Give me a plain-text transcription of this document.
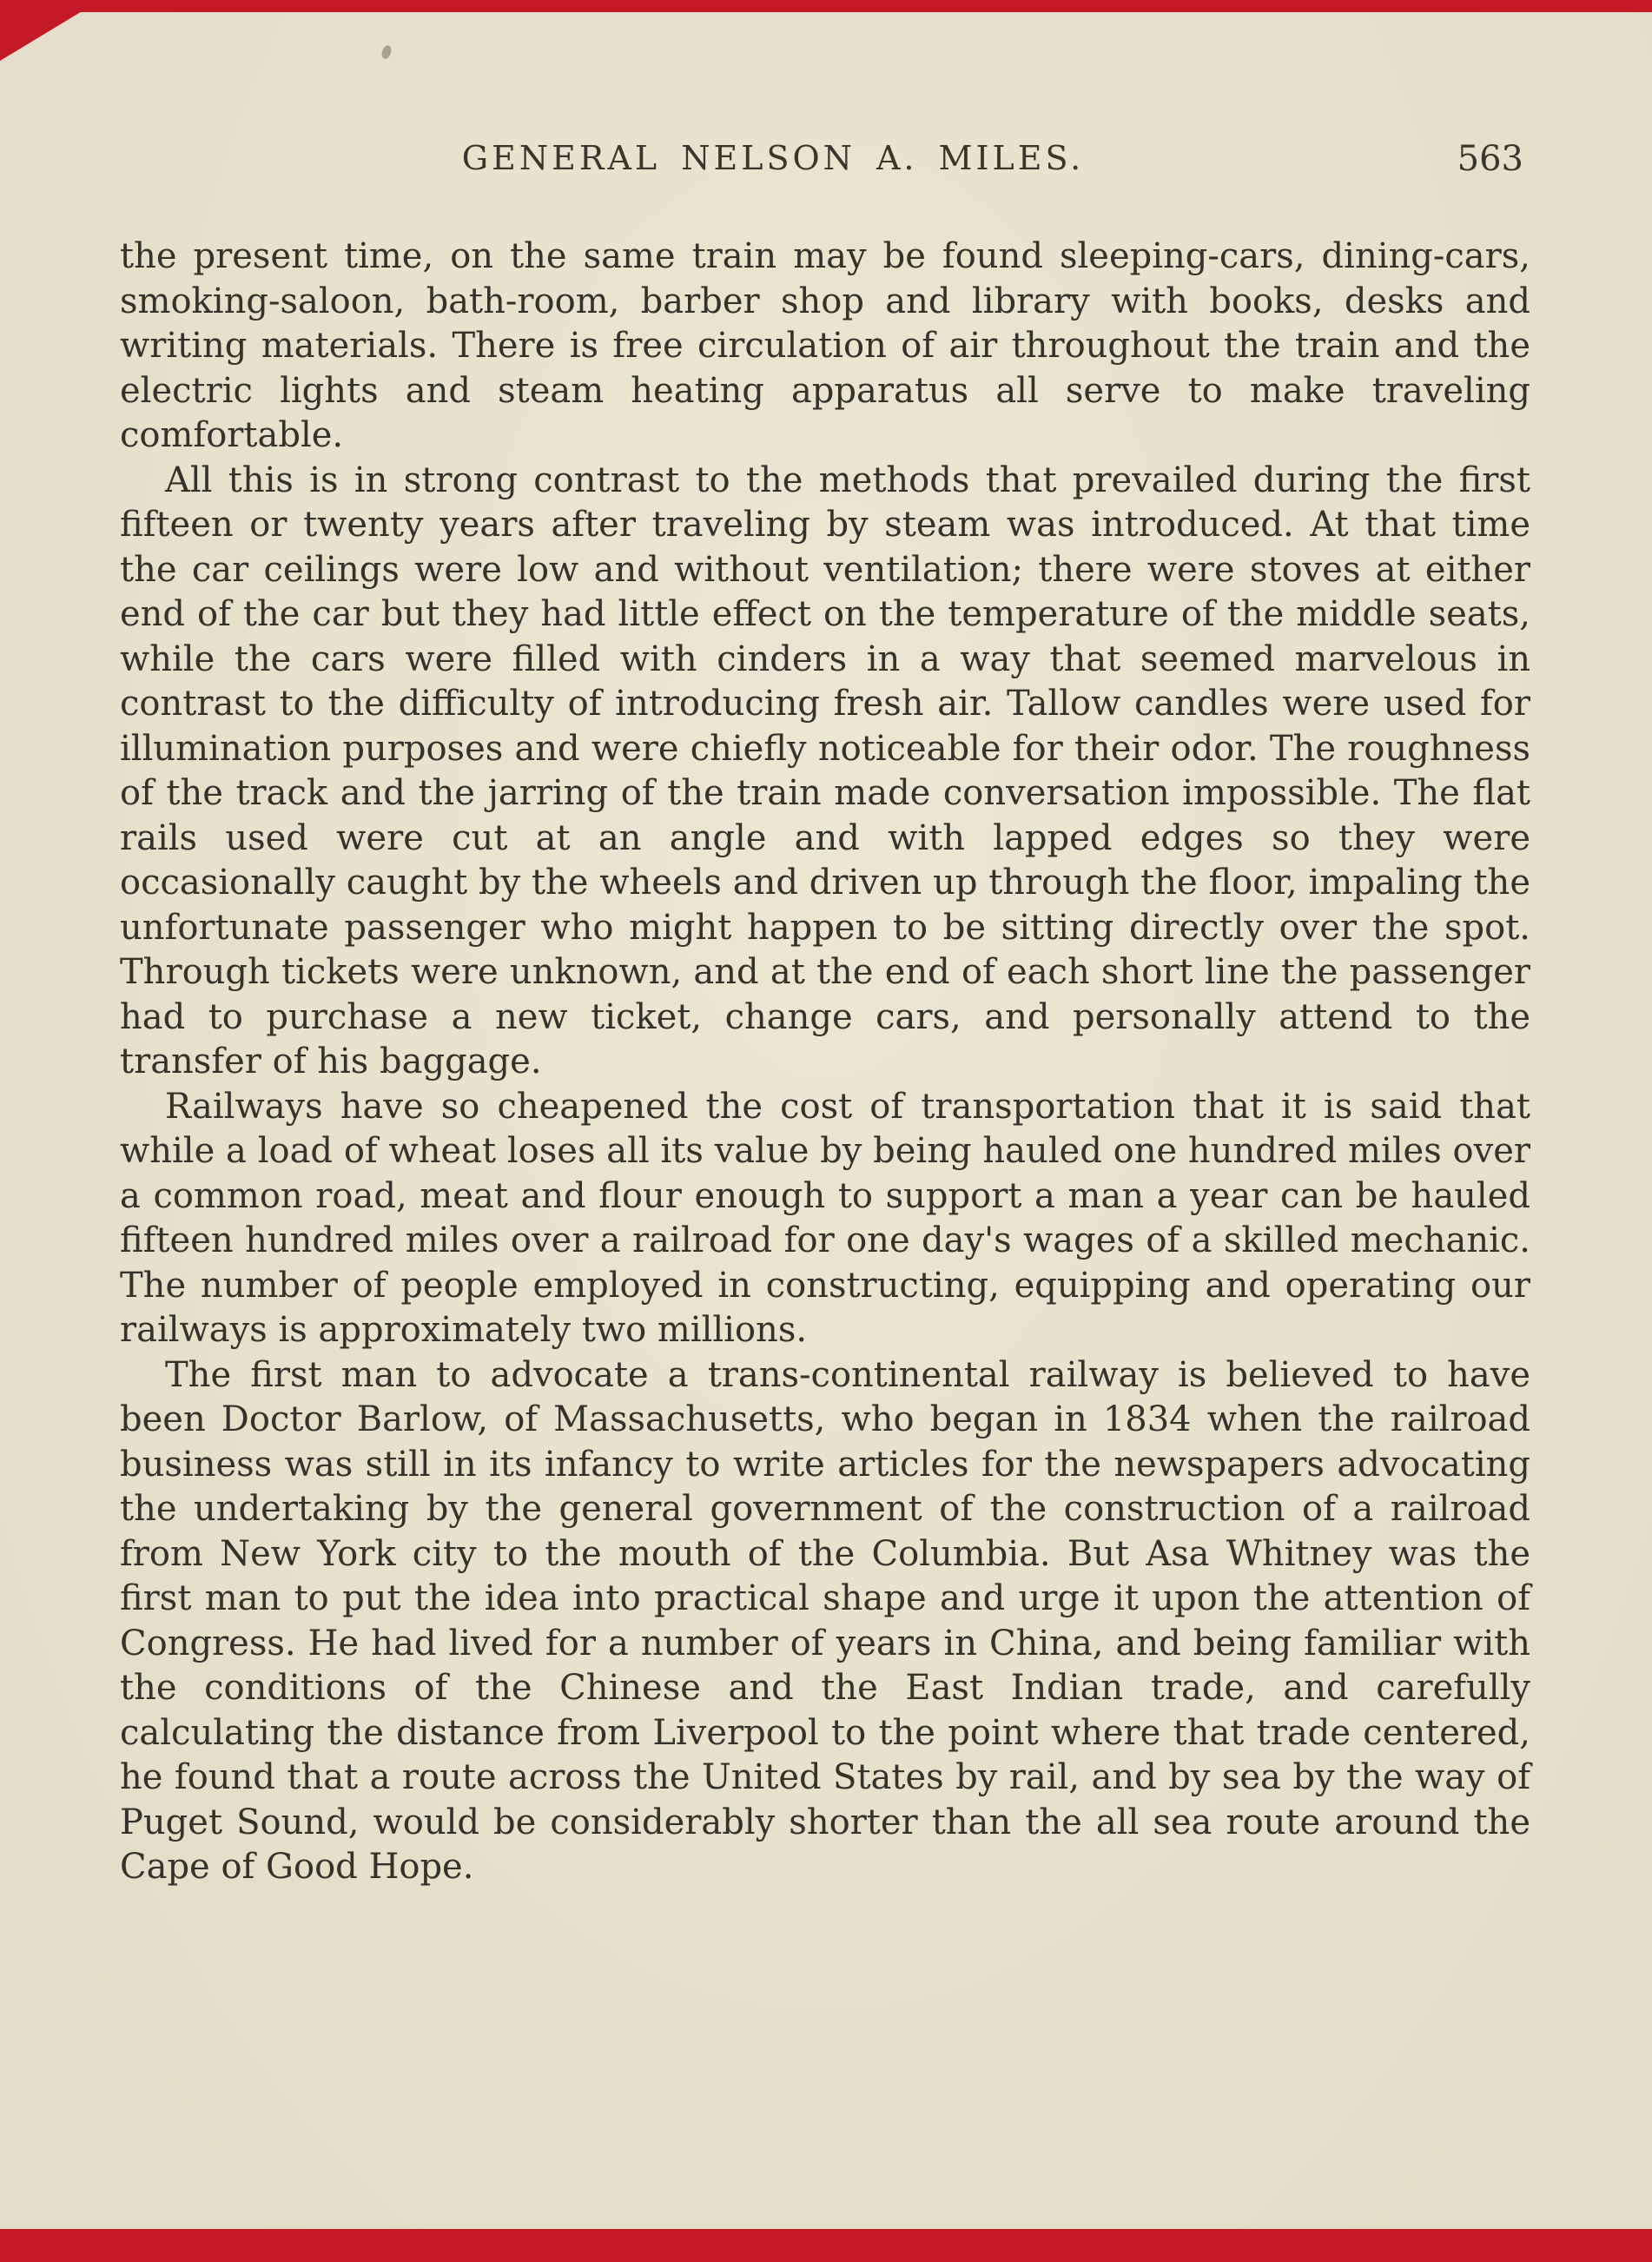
GENERAL NELSON A. MILES.	563

the present time, on the same train may be found sleeping-cars, dining-cars, smoking-saloon, bath-room, barber shop and library with books, desks and writing materials. There is free circulation of air throughout the train and the electric lights and steam heating apparatus all serve to make traveling comfortable.

All this is in strong contrast to the methods that prevailed during the first fifteen or twenty years after traveling by steam was introduced. At that time the car ceilings were low and without ventilation; there were stoves at either end of the car but they had little effect on the temperature of the middle seats, while the cars were filled with cinders in a way that seemed marvelous in contrast to the difficulty of introducing fresh air. Tallow candles were used for illumination purposes and were chiefly noticeable for their odor. The roughness of the track and the jarring of the train made conversation impossible. The flat rails used were cut at an angle and with lapped edges so they were occasionally caught by the wheels and driven up through the floor, impaling the unfortunate passenger who might happen to be sitting directly over the spot. Through tickets were unknown, and at the end of each short line the passenger had to purchase a new ticket, change cars, and personally attend to the transfer of his baggage.

Railways have so cheapened the cost of transportation that it is said that while a load of wheat loses all its value by being hauled one hundred miles over a common road, meat and flour enough to support a man a year can be hauled fifteen hundred miles over a railroad for one day's wages of a skilled mechanic. The number of people employed in constructing, equipping and operating our railways is approximately two millions.

The first man to advocate a trans-continental railway is believed to have been Doctor Barlow, of Massachusetts, who began in 1834 when the railroad business was still in its infancy to write articles for the newspapers advocating the undertaking by the general government of the construction of a railroad from New York city to the mouth of the Columbia. But Asa Whitney was the first man to put the idea into practical shape and urge it upon the attention of Congress. He had lived for a number of years in China, and being familiar with the conditions of the Chinese and the East Indian trade, and carefully calculating the distance from Liverpool to the point where that trade centered, he found that a route across the United States by rail, and by sea by the way of Puget Sound, would be considerably shorter than the all sea route around the Cape of Good Hope.
